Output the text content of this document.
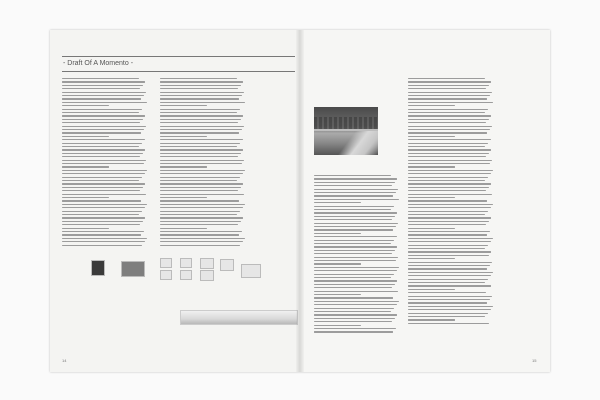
- Draft Of A Momento -
14	15
